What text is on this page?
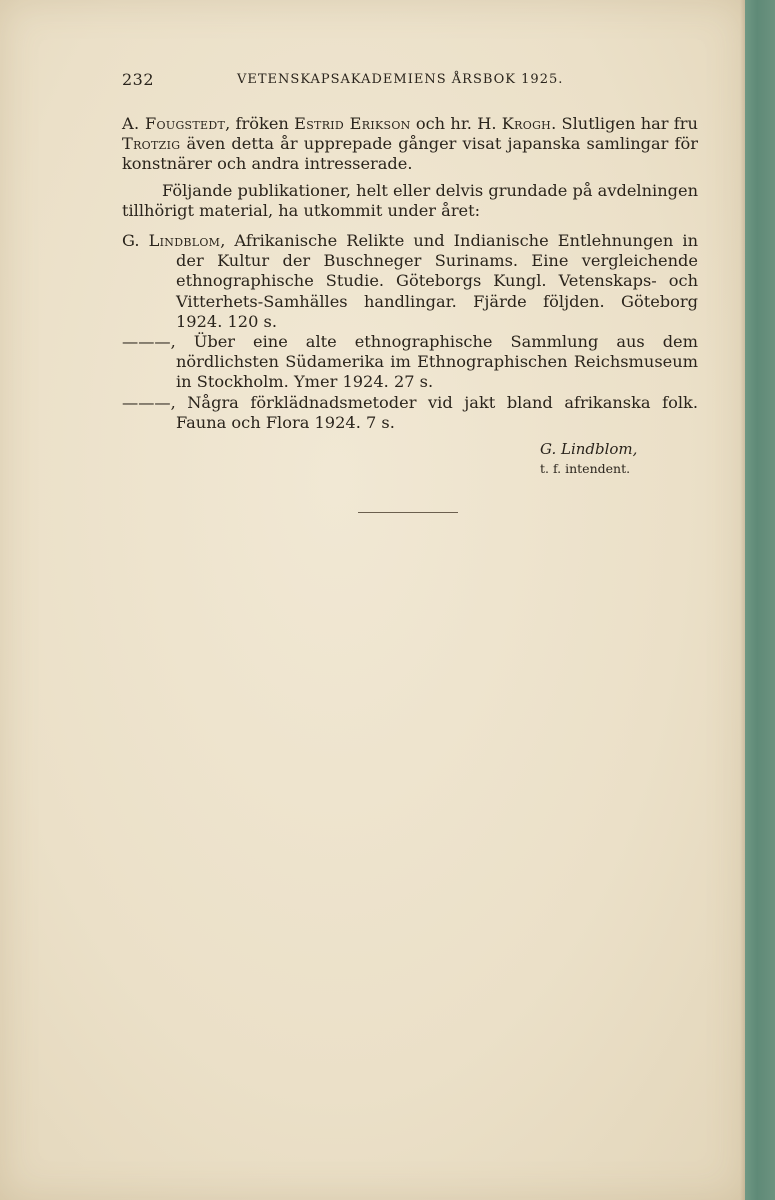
232	VETENSKAPSAKADEMIENS ÅRSBOK 1925.

A. Fougstedt, fröken Estrid Erikson och hr. H. Krogh. Slutligen har fru Trotzig även detta år upprepade gånger visat japanska samlingar för konstnärer och andra intresserade.

Följande publikationer, helt eller delvis grundade på avdelningen tillhörigt material, ha utkommit under året:

G. Lindblom, Afrikanische Relikte und Indianische Entlehnungen in der Kultur der Buschneger Surinams. Eine vergleichende ethnographische Studie. Göteborgs Kungl. Vetenskaps- och Vitterhets-Samhälles handlingar. Fjärde följden. Göteborg 1924. 120 s.

———, Über eine alte ethnographische Sammlung aus dem nördlichsten Südamerika im Ethnographischen Reichsmuseum in Stockholm. Ymer 1924. 27 s.

———, Några förklädnadsmetoder vid jakt bland afrikanska folk. Fauna och Flora 1924. 7 s.

G. Lindblom,
t. f. intendent.
